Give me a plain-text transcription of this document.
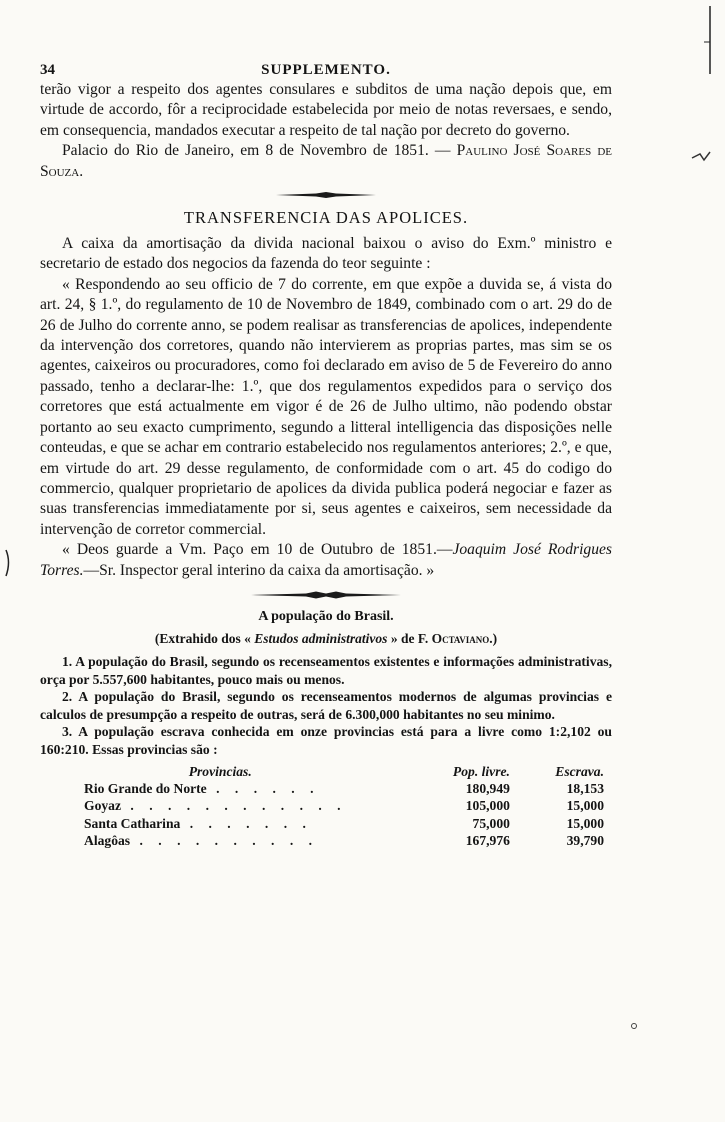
34	SUPPLEMENTO.

terão vigor a respeito dos agentes consulares e subditos de uma nação depois que, em virtude de accordo, fôr a reciprocidade estabelecida por meio de notas reversaes, e sendo, em consequencia, mandados executar a respeito de tal nação por decreto do governo.

Palacio do Rio de Janeiro, em 8 de Novembro de 1851. — Paulino José Soares de Souza.

TRANSFERENCIA DAS APOLICES.

A caixa da amortisação da divida nacional baixou o aviso do Exm.º ministro e secretario de estado dos negocios da fazenda do teor seguinte :

« Respondendo ao seu officio de 7 do corrente, em que expõe a duvida se, á vista do art. 24, § 1.º, do regulamento de 10 de Novembro de 1849, combinado com o art. 29 do de 26 de Julho do corrente anno, se podem realisar as transferencias de apolices, independente da intervenção dos corretores, quando não intervierem as proprias partes, mas sim se os agentes, caixeiros ou procuradores, como foi declarado em aviso de 5 de Fevereiro do anno passado, tenho a declarar-lhe: 1.º, que dos regulamentos expedidos para o serviço dos corretores que está actualmente em vigor é de 26 de Julho ultimo, não podendo obstar portanto ao seu exacto cumprimento, segundo a litteral intelligencia das disposições nelle conteudas, e que se achar em contrario estabelecido nos regulamentos anteriores; 2.º, e que, em virtude do art. 29 desse regulamento, de conformidade com o art. 45 do codigo do commercio, qualquer proprietario de apolices da divida publica poderá negociar e fazer as suas transferencias immediatamente por si, seus agentes e caixeiros, sem necessidade da intervenção de corretor commercial.

« Deos guarde a Vm. Paço em 10 de Outubro de 1851.—Joaquim José Rodrigues Torres.—Sr. Inspector geral interino da caixa da amortisação. »

A população do Brasil.
(Extrahido dos « Estudos administrativos » de F. Octaviano.)

1. A população do Brasil, segundo os recenseamentos existentes e informações administrativas, orça por 5.557,600 habitantes, pouco mais ou menos.

2. A população do Brasil, segundo os recenseamentos modernos de algumas provincias e calculos de presumpção a respeito de outras, será de 6.300,000 habitantes no seu minimo.

3. A população escrava conhecida em onze provincias está para a livre como 1:2,102 ou 160:210. Essas provincias são :

Provincias.	Pop. livre.	Escrava.
Rio Grande do Norte . . . . . .	180,949	18,153
Goyaz . . . . . . . . . . . .	105,000	15,000
Santa Catharina . . . . . . .	75,000	15,000
Alagôas . . . . . . . . . .	167,976	39,790
